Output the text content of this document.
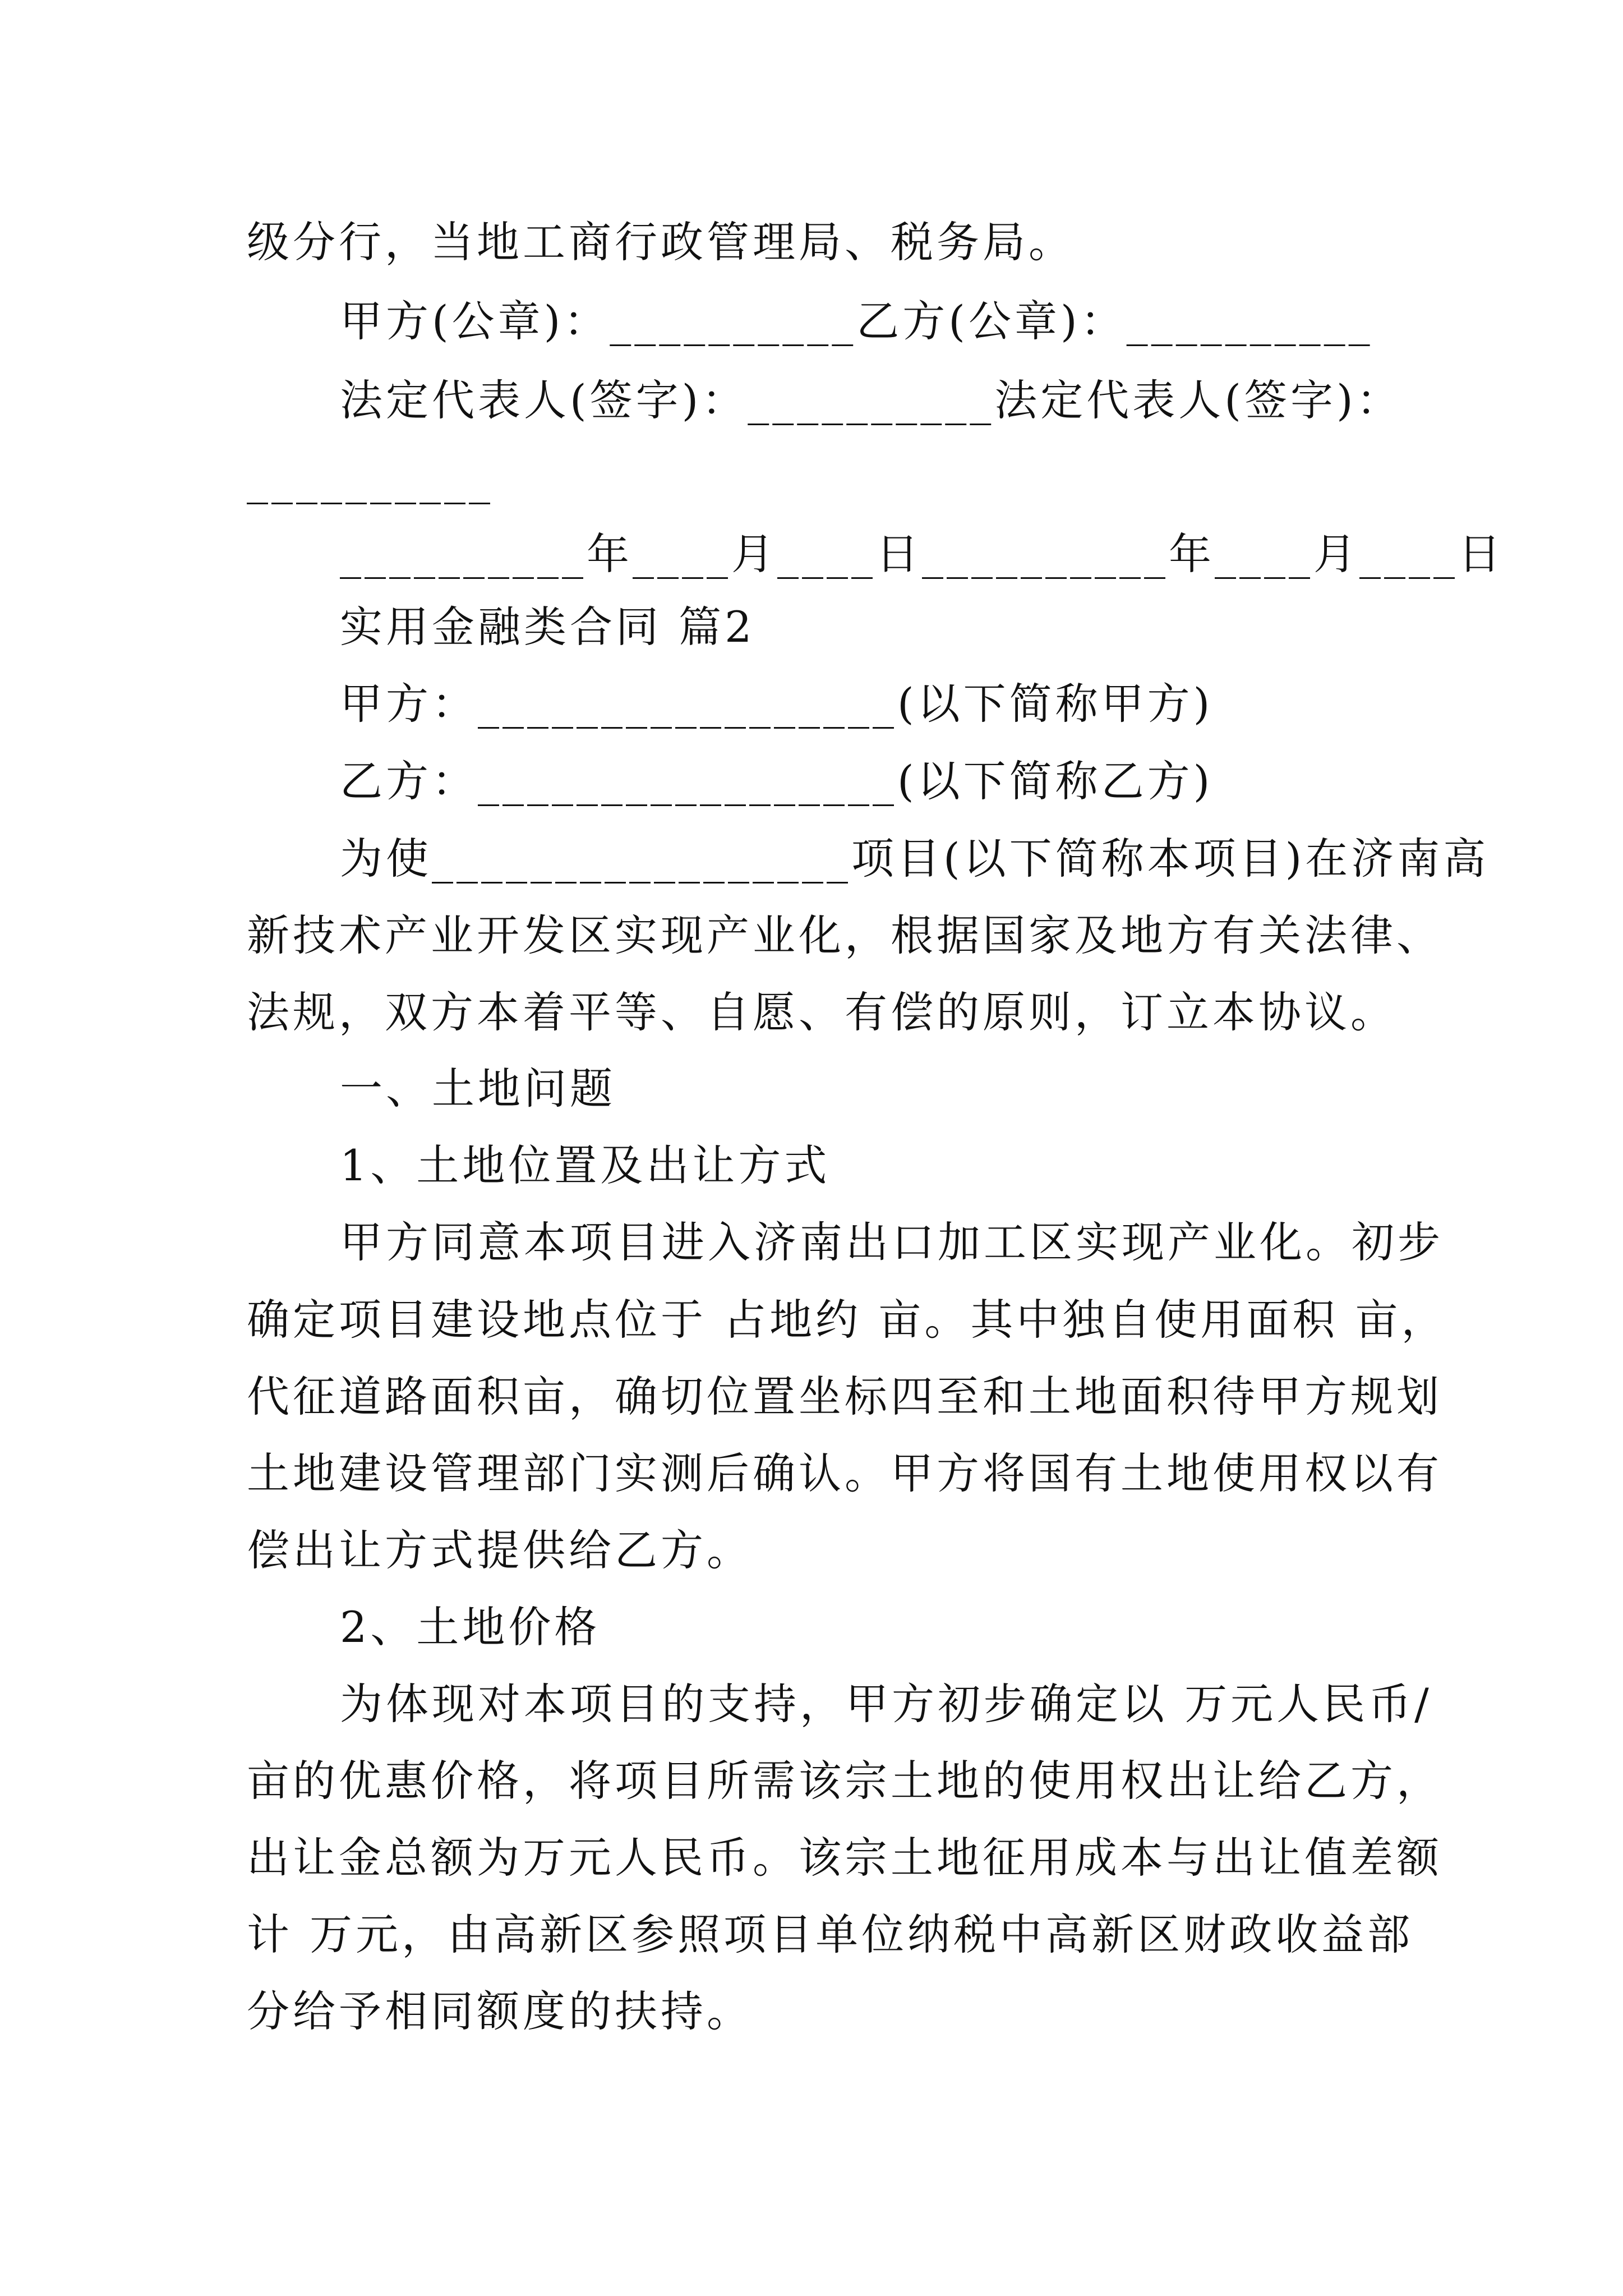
级分行，当地工商行政管理局、税务局。
甲方(公章)：__________乙方(公章)：__________
法定代表人(签字)：__________法定代表人(签字)：
__________
__________年____月____日__________年____月____日
实用金融类合同 篇2
甲方：_________________(以下简称甲方)
乙方：_________________(以下简称乙方)
为使_________________项目(以下简称本项目)在济南高
新技术产业开发区实现产业化，根据国家及地方有关法律、
法规，双方本着平等、自愿、有偿的原则，订立本协议。
一、土地问题
1、土地位置及出让方式
甲方同意本项目进入济南出口加工区实现产业化。初步
确定项目建设地点位于 占地约 亩。其中独自使用面积 亩，
代征道路面积亩，确切位置坐标四至和土地面积待甲方规划
土地建设管理部门实测后确认。甲方将国有土地使用权以有
偿出让方式提供给乙方。
2、土地价格
为体现对本项目的支持，甲方初步确定以 万元人民币/
亩的优惠价格，将项目所需该宗土地的使用权出让给乙方，
出让金总额为万元人民币。该宗土地征用成本与出让值差额
计 万元，由高新区参照项目单位纳税中高新区财政收益部
分给予相同额度的扶持。
